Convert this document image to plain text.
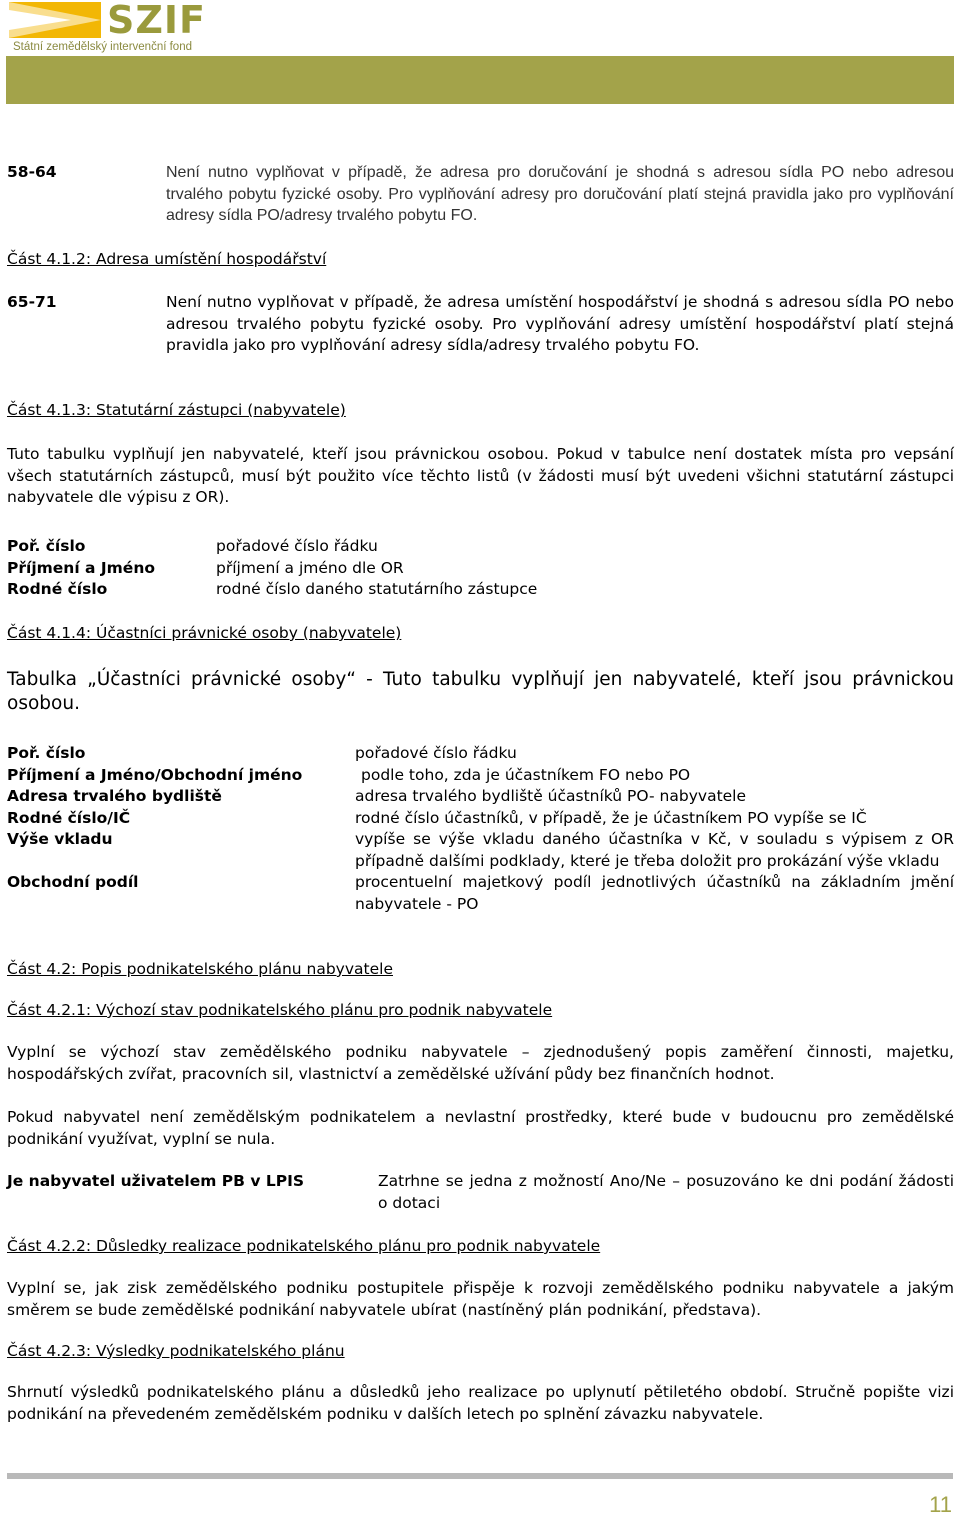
SZIF
Státní zemědělský intervenční fond
58-64	Není nutno vyplňovat v případě, že adresa pro doručování je shodná s adresou sídla PO nebo adresou trvalého pobytu fyzické osoby. Pro vyplňování adresy pro doručování platí stejná pravidla jako pro vyplňování adresy sídla PO/adresy trvalého pobytu FO.
Část 4.1.2: Adresa umístění hospodářství
65-71	Není nutno vyplňovat v případě, že adresa umístění hospodářství je shodná s adresou sídla PO nebo adresou trvalého pobytu fyzické osoby. Pro vyplňování adresy umístění hospodářství platí stejná pravidla jako pro vyplňování adresy sídla/adresy trvalého pobytu FO.
Část 4.1.3: Statutární zástupci (nabyvatele)
Tuto tabulku vyplňují jen nabyvatelé, kteří jsou právnickou osobou. Pokud v tabulce není dostatek místa pro vepsání všech statutárních zástupců, musí být použito více těchto listů (v žádosti musí být uvedeni všichni statutární zástupci nabyvatele dle výpisu z OR).
Poř. číslo	pořadové číslo řádku
Příjmení a Jméno	příjmení a jméno dle OR
Rodné číslo	rodné číslo daného statutárního zástupce
Část 4.1.4: Účastníci právnické osoby (nabyvatele)
Tabulka „Účastníci právnické osoby“ - Tuto tabulku vyplňují jen nabyvatelé, kteří jsou právnickou osobou.
Poř. číslo	pořadové číslo řádku
Příjmení a Jméno/Obchodní jméno	podle toho, zda je účastníkem FO nebo PO
Adresa trvalého bydliště	adresa trvalého bydliště účastníků PO- nabyvatele
Rodné číslo/IČ	rodné číslo účastníků, v případě, že je účastníkem PO vypíše se IČ
Výše vkladu	vypíše se výše vkladu daného účastníka v Kč, v souladu s výpisem z OR případně dalšími podklady, které je třeba doložit pro prokázání výše vkladu
Obchodní podíl	procentuelní majetkový podíl jednotlivých účastníků na základním jmění nabyvatele - PO
Část 4.2: Popis podnikatelského plánu nabyvatele
Část 4.2.1: Výchozí stav podnikatelského plánu pro podnik nabyvatele
Vyplní se výchozí stav zemědělského podniku nabyvatele – zjednodušený popis zaměření činnosti, majetku, hospodářských zvířat, pracovních sil, vlastnictví a zemědělské užívání půdy bez finančních hodnot.
Pokud nabyvatel není zemědělským podnikatelem a nevlastní prostředky, které bude v budoucnu pro zemědělské podnikání využívat, vyplní se nula.
Je nabyvatel uživatelem PB v LPIS	Zatrhne se jedna z možností Ano/Ne – posuzováno ke dni podání žádosti o dotaci
Část 4.2.2: Důsledky realizace podnikatelského plánu pro podnik nabyvatele
Vyplní se, jak zisk zemědělského podniku postupitele přispěje k rozvoji zemědělského podniku nabyvatele a jakým směrem se bude zemědělské podnikání nabyvatele ubírat (nastíněný plán podnikání, představa).
Část 4.2.3: Výsledky podnikatelského plánu
Shrnutí výsledků podnikatelského plánu a důsledků jeho realizace po uplynutí pětiletého období. Stručně popište vizi podnikání na převedeném zemědělském podniku v dalších letech po splnění závazku nabyvatele.
11
